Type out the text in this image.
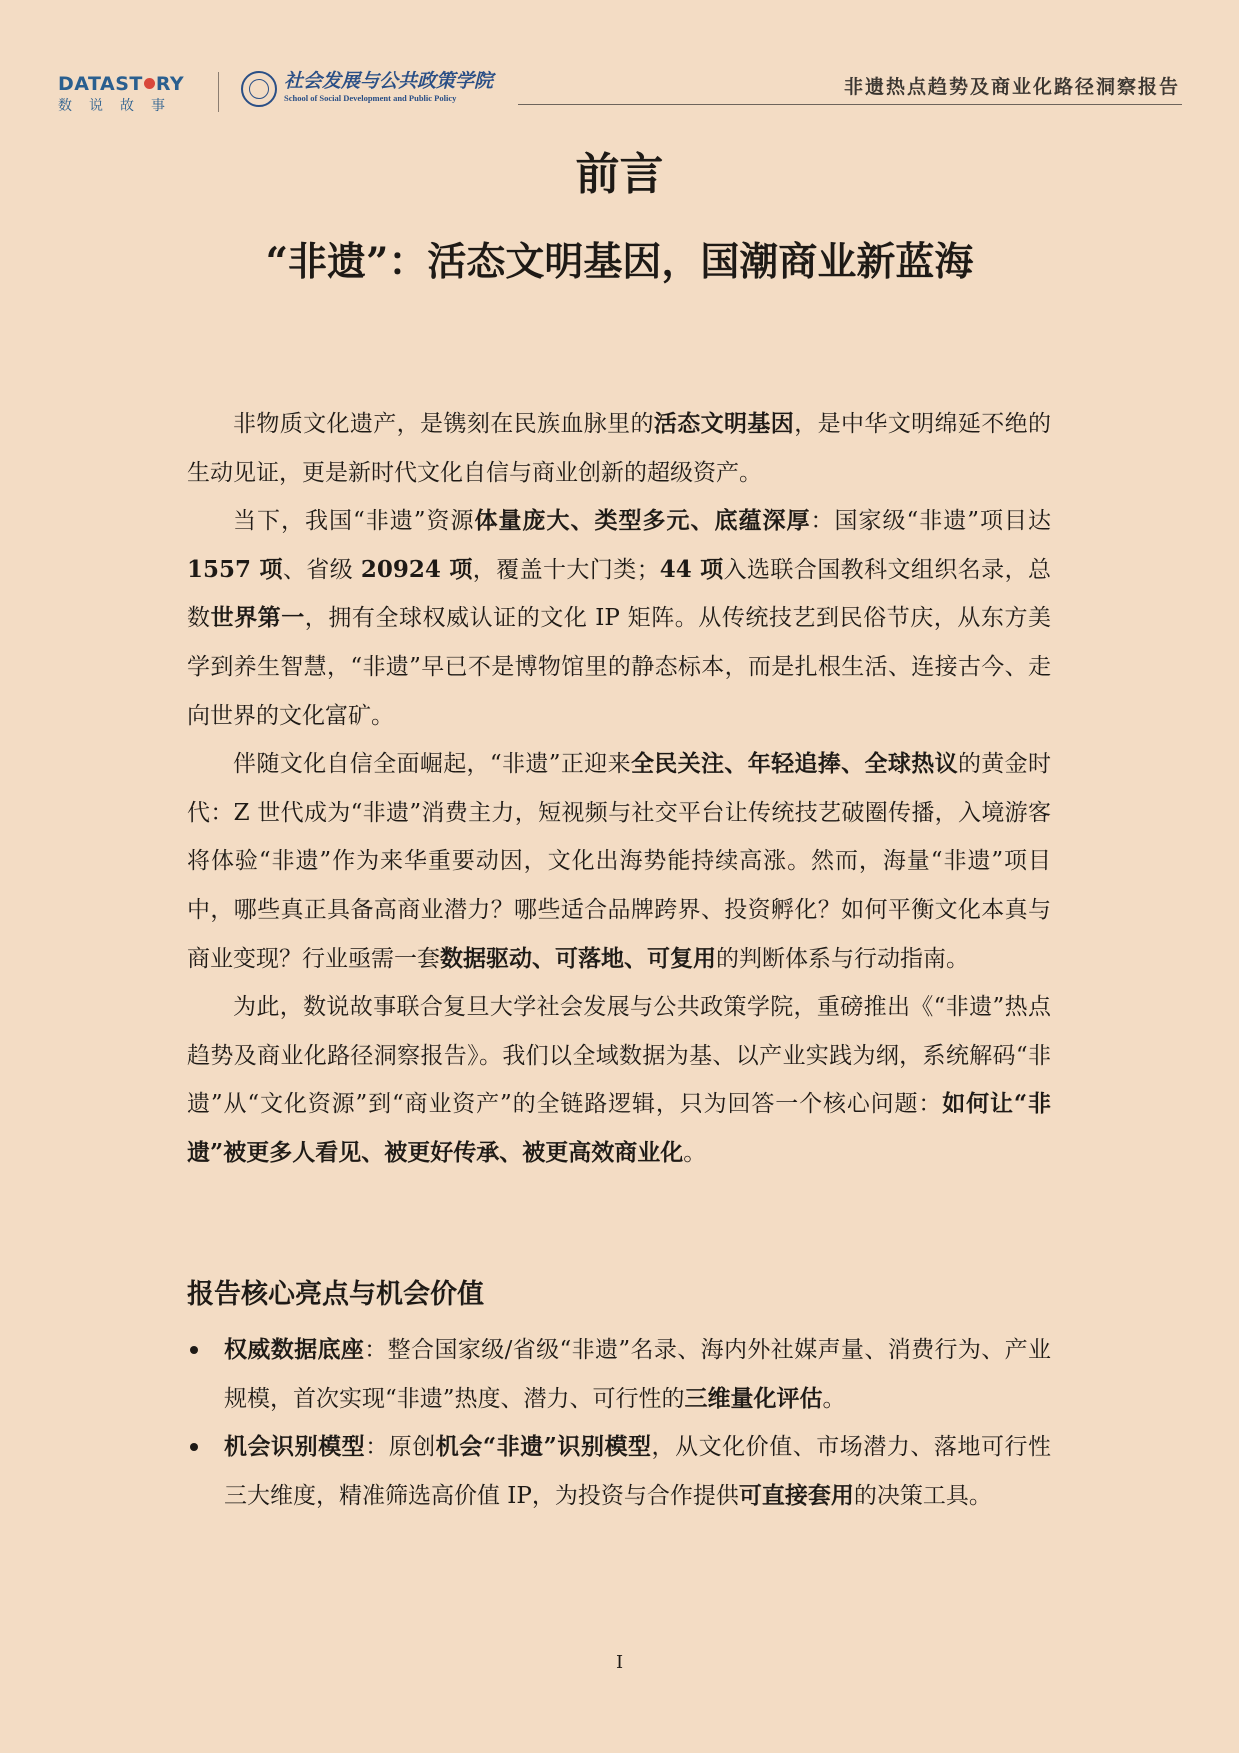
DATAST RY
数说故事
社会发展与公共政策学院
School of Social Development and Public Policy	非遗热点趋势及商业化路径洞察报告
前言
“非遗”：活态文明基因，国潮商业新蓝海

非物质文化遗产，是镌刻在民族血脉里的活态文明基因，是中华文明绵延不绝的生动见证，更是新时代文化自信与商业创新的超级资产。

当下，我国“非遗”资源体量庞大、类型多元、底蕴深厚：国家级“非遗”项目达 1557 项、省级 20924 项，覆盖十大门类；44 项入选联合国教科文组织名录，总数世界第一，拥有全球权威认证的文化 IP 矩阵。从传统技艺到民俗节庆，从东方美学到养生智慧，“非遗”早已不是博物馆里的静态标本，而是扎根生活、连接古今、走向世界的文化富矿。

伴随文化自信全面崛起，“非遗”正迎来全民关注、年轻追捧、全球热议的黄金时代：Z 世代成为“非遗”消费主力，短视频与社交平台让传统技艺破圈传播，入境游客将体验“非遗”作为来华重要动因，文化出海势能持续高涨。然而，海量“非遗”项目中，哪些真正具备高商业潜力？哪些适合品牌跨界、投资孵化？如何平衡文化本真与商业变现？行业亟需一套数据驱动、可落地、可复用的判断体系与行动指南。

为此，数说故事联合复旦大学社会发展与公共政策学院，重磅推出《“非遗”热点趋势及商业化路径洞察报告》。我们以全域数据为基、以产业实践为纲，系统解码“非遗”从“文化资源”到“商业资产”的全链路逻辑，只为回答一个核心问题：如何让“非遗”被更多人看见、被更好传承、被更高效商业化。

报告核心亮点与机会价值
权威数据底座：整合国家级/省级“非遗”名录、海内外社媒声量、消费行为、产业规模，首次实现“非遗”热度、潜力、可行性的三维量化评估。
机会识别模型：原创机会“非遗”识别模型，从文化价值、市场潜力、落地可行性三大维度，精准筛选高价值 IP，为投资与合作提供可直接套用的决策工具。
I
